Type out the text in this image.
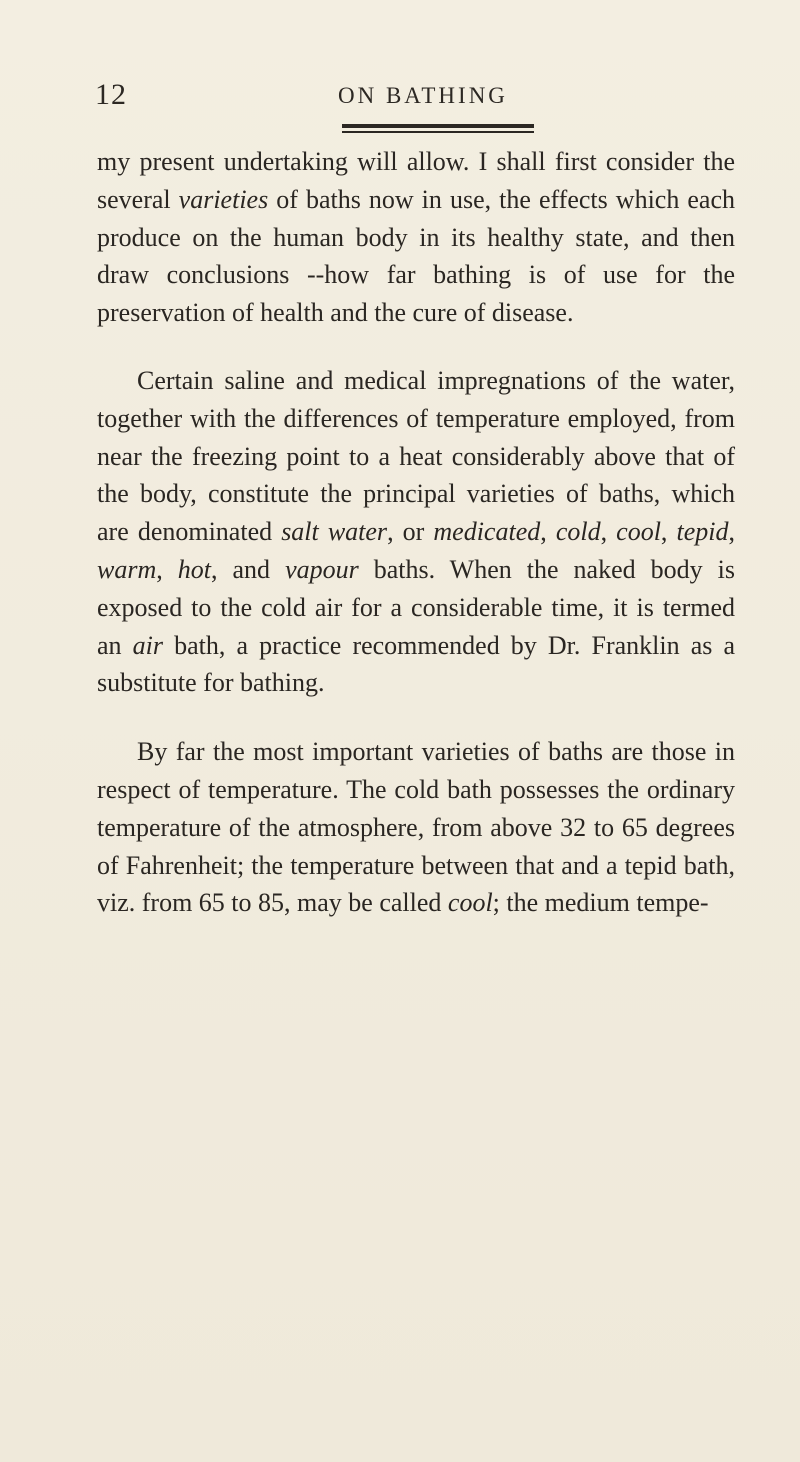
12	ON BATHING

my present undertaking will allow. I shall first consider the several varieties of baths now in use, the effects which each produce on the human body in its healthy state, and then draw conclusions --how far bathing is of use for the preservation of health and the cure of disease.

Certain saline and medical impregnations of the water, together with the differences of temperature employed, from near the freezing point to a heat considerably above that of the body, constitute the principal varieties of baths, which are denominated salt water, or medicated, cold, cool, tepid, warm, hot, and vapour baths. When the naked body is exposed to the cold air for a considerable time, it is termed an air bath, a practice recommended by Dr. Franklin as a substitute for bathing.

By far the most important varieties of baths are those in respect of temperature. The cold bath possesses the ordinary temperature of the atmosphere, from above 32 to 65 degrees of Fahrenheit; the temperature between that and a tepid bath, viz. from 65 to 85, may be called cool; the medium tempe-
